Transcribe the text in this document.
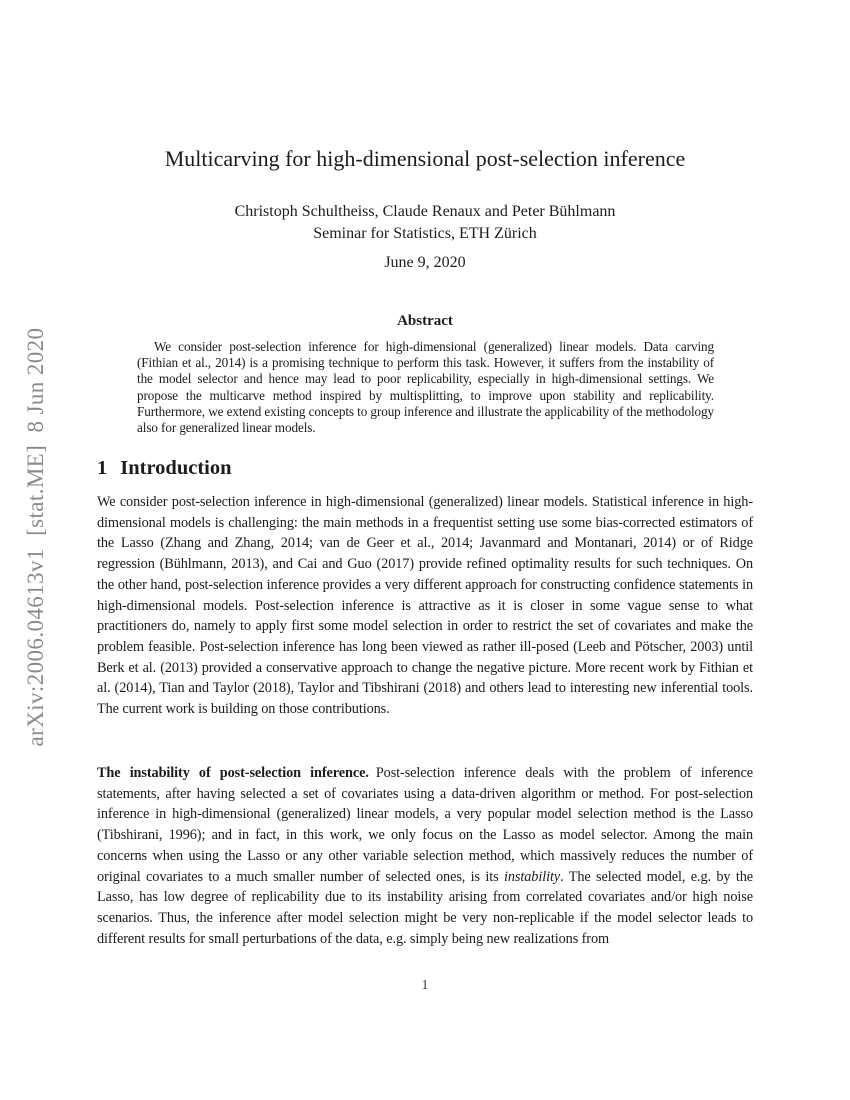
arXiv:2006.04613v1  [stat.ME]  8 Jun 2020
Multicarving for high-dimensional post-selection inference
Christoph Schultheiss, Claude Renaux and Peter Bühlmann
Seminar for Statistics, ETH Zürich
June 9, 2020
Abstract
We consider post-selection inference for high-dimensional (generalized) linear models. Data carving (Fithian et al., 2014) is a promising technique to perform this task. However, it suffers from the instability of the model selector and hence may lead to poor replicability, especially in high-dimensional settings. We propose the multicarve method inspired by multisplitting, to improve upon stability and replicability. Furthermore, we extend existing concepts to group inference and illustrate the applicability of the methodology also for generalized linear models.
1 Introduction
We consider post-selection inference in high-dimensional (generalized) linear models. Statistical inference in high-dimensional models is challenging: the main methods in a frequentist setting use some bias-corrected estimators of the Lasso (Zhang and Zhang, 2014; van de Geer et al., 2014; Javanmard and Montanari, 2014) or of Ridge regression (Bühlmann, 2013), and Cai and Guo (2017) provide refined optimality results for such techniques. On the other hand, post-selection inference provides a very different approach for constructing confidence statements in high-dimensional models. Post-selection inference is attractive as it is closer in some vague sense to what practitioners do, namely to apply first some model selection in order to restrict the set of covariates and make the problem feasible. Post-selection inference has long been viewed as rather ill-posed (Leeb and Pötscher, 2003) until Berk et al. (2013) provided a conservative approach to change the negative picture. More recent work by Fithian et al. (2014), Tian and Taylor (2018), Taylor and Tibshirani (2018) and others lead to interesting new inferential tools. The current work is building on those contributions.
The instability of post-selection inference. Post-selection inference deals with the problem of inference statements, after having selected a set of covariates using a data-driven algorithm or method. For post-selection inference in high-dimensional (generalized) linear models, a very popular model selection method is the Lasso (Tibshirani, 1996); and in fact, in this work, we only focus on the Lasso as model selector. Among the main concerns when using the Lasso or any other variable selection method, which massively reduces the number of original covariates to a much smaller number of selected ones, is its instability. The selected model, e.g. by the Lasso, has low degree of replicability due to its instability arising from correlated covariates and/or high noise scenarios. Thus, the inference after model selection might be very non-replicable if the model selector leads to different results for small perturbations of the data, e.g. simply being new realizations from
1
